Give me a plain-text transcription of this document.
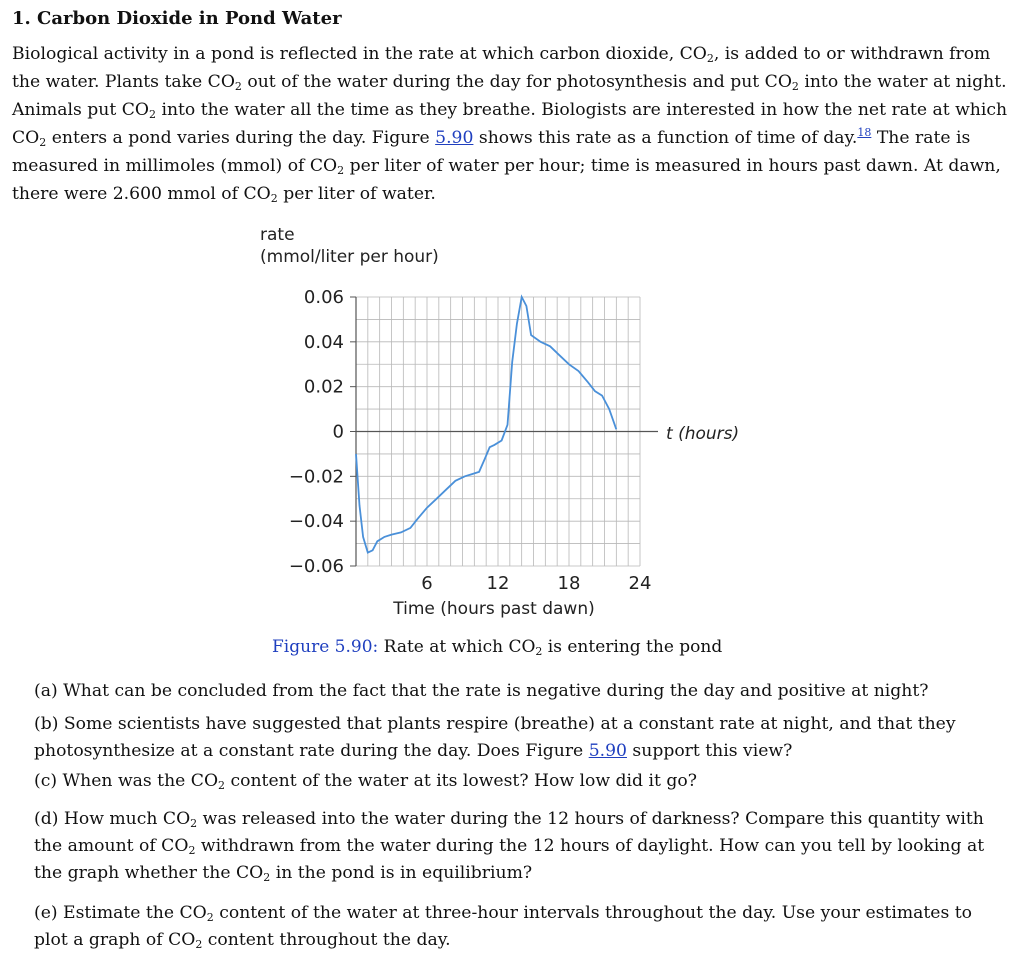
1. Carbon Dioxide in Pond Water

Biological activity in a pond is reflected in the rate at which carbon dioxide, $CO_2$, is added to or withdrawn from the water. Plants take $CO_2$ out of the water during the day for photosynthesis and put $CO_2$ into the water at night. Animals put $CO_2$ into the water all the time as they breathe. Biologists are interested in how the net rate at which $CO_2$ enters a pond varies during the day. Figure 5.90 shows this rate as a function of time of day.$^{18}$ The rate is measured in millimoles (mmol) of $CO_2$ per liter of water per hour; time is measured in hours past dawn. At dawn, there were 2.600 mmol of $CO_2$ per liter of water.

0.06
0.04
0.02
0
−0.02
−0.04
−0.06
6	12	18	24
rate
(mmol/liter per hour)
t (hours)
Time (hours past dawn)

Figure 5.90: Rate at which $CO_2$ is entering the pond

(a) What can be concluded from the fact that the rate is negative during the day and positive at night?

(b) Some scientists have suggested that plants respire (breathe) at a constant rate at night, and that they photosynthesize at a constant rate during the day. Does Figure 5.90 support this view?

(c) When was the $CO_2$ content of the water at its lowest? How low did it go?

(d) How much $CO_2$ was released into the water during the 12 hours of darkness? Compare this quantity with the amount of $CO_2$ withdrawn from the water during the 12 hours of daylight. How can you tell by looking at the graph whether the $CO_2$ in the pond is in equilibrium?

(e) Estimate the $CO_2$ content of the water at three-hour intervals throughout the day. Use your estimates to plot a graph of $CO_2$ content throughout the day.
